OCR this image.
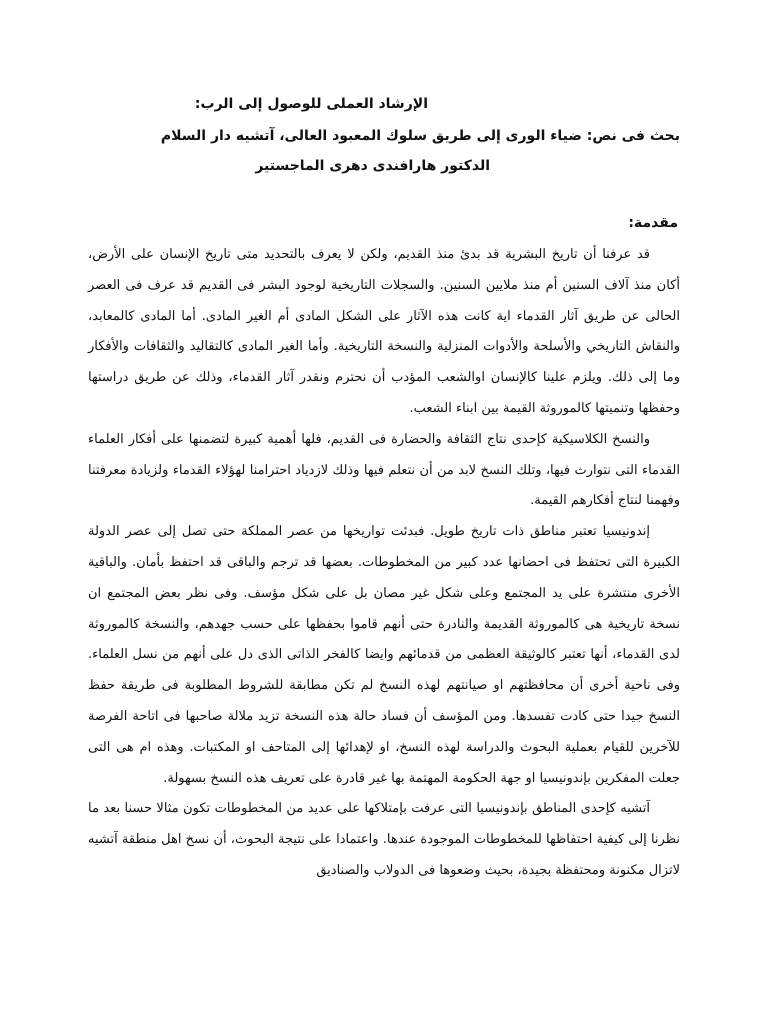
الإرشاد العملى للوصول إلى الرب:
بحث فى نص: ضياء الورى إلى طريق سلوك المعبود العالى، آتشيه دار السلام
الدكتور هارافندى دهرى الماجستير
مقدمة:

قد عرفنا أن تاريخ البشرية قد بدئ منذ القديم، ولكن لا يعرف بالتحديد متى تاريخ الإنسان على الأرض، أكان منذ آلاف السنين أم منذ ملايين السنين. والسجلات التاريخية لوجود البشر فى القديم قد عرف فى العصر الحالى عن طريق آثار القدماء اية كانت هذه الآثار على الشكل المادى أم الغير المادى. أما المادى كالمعابد، والنقاش التاريخي والأسلحة والأدوات المنزلية والنسخة التاريخية. وأما الغير المادى كالتقاليد والثقافات والأفكار وما إلى ذلك. ويلزم علينا كالإنسان اوالشعب المؤدب أن نحترم ونقدر آثار القدماء، وذلك عن طريق دراستها وحفظها وتنميتها كالموروثة القيمة بين ابناء الشعب.

والنسخ الكلاسيكية كإحدى نتاج الثقافة والحضارة فى القديم، فلها أهمية كبيرة لتضمنها على أفكار العلماء القدماء التى نتوارث فيها، وتلك النسخ لابد من أن نتعلم فيها وذلك لازدياد احترامنا لهؤلاء القدماء ولزيادة معرفتنا وفهمنا لنتاج أفكارهم القيمة.

إندونيسيا تعتبر مناطق ذات تاريخ طويل. فبدئت تواريخها من عصر المملكة حتى تصل إلى عصر الدولة الكبيرة التى تحتفظ فى احضانها عدد كبير من المخطوطات. بعضها قد ترجم والباقى قد احتفظ بأمان. والباقية الأخرى منتشرة على يد المجتمع وعلى شكل غير مصان بل على شكل مؤسف. وفى نظر بعض المجتمع ان نسخة تاريخية هى كالموروثة القديمة والنادرة حتى أنهم قاموا بحفظها على حسب جهدهم، والنسخة كالموروثة لدى القدماء، أنها تعتبر كالوثيقة العظمى من قدمائهم وايضا كالفخر الذاتى الذى دل على أنهم من نسل العلماء. وفى ناحية أخرى أن محافظتهم او صيانتهم لهذه النسخ لم تكن مطابقة للشروط المطلوبة فى طريقة حفظ النسخ جيدا حتى كادت تفسدها. ومن المؤسف أن فساد حالة هذه النسخة تزيد ملالة صاحبها فى اتاحة الفرصة للآخرين للقيام بعملية البحوث والدراسة لهذه النسخ، او لإهدائها إلى المتاحف او المكتبات. وهذه ام هى التى جعلت المفكرين بإندونيسيا او جهة الحكومة المهتمة بها غير قادرة على تعريف هذه النسخ بسهولة.

آتشيه كإحدى المناطق بإندونيسيا التى عرفت بإمتلاكها على عديد من المخطوطات تكون مثالا حسنا بعد ما نظرنا إلى كيفية احتفاظها للمخطوطات الموجودة عندها. واعتمادا على نتيجة البحوث، أن نسخ اهل منطقة آتشيه لاتزال مكنونة ومحتفظة بجيدة، بحيث وضعوها فى الدولاب والصناديق
